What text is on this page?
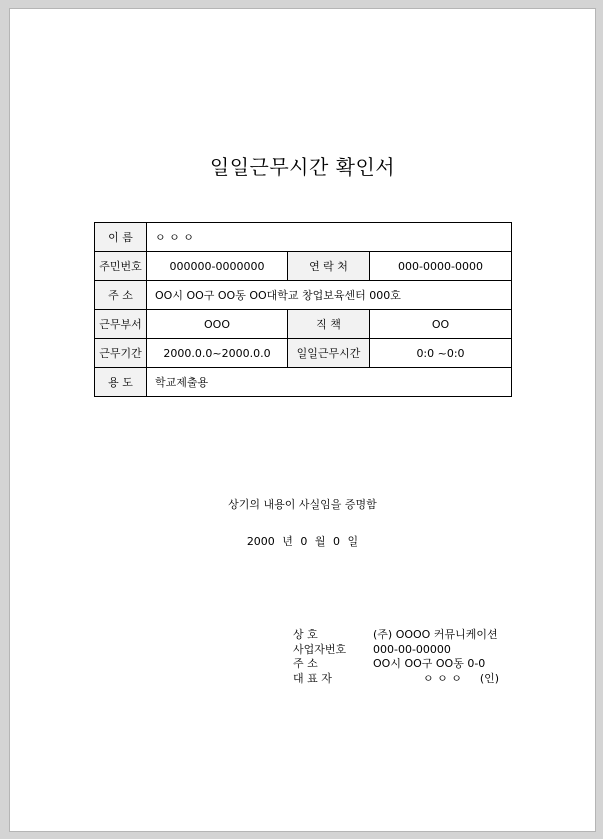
일일근무시간 확인서
이 름	ㅇ ㅇ ㅇ		
주민번호	000000-0000000	연 락 처	000-0000-0000
주 소	OO시 OO구 OO동 OO대학교 창업보육센터 000호		
근무부서	OOO	직 책	OO
근무기간	2000.0.0~2000.0.0	일일근무시간	0:0 ~0:0
용 도	학교제출용		
상기의 내용이 사실임을 증명함
2000 년 0 월 0 일
상 호	(주) OOOO 커뮤니케이션
사업자번호 000-00-00000
주 소	OO시 OO구 OO동 0-0
대 표 자	ㅇ ㅇ ㅇ (인)
